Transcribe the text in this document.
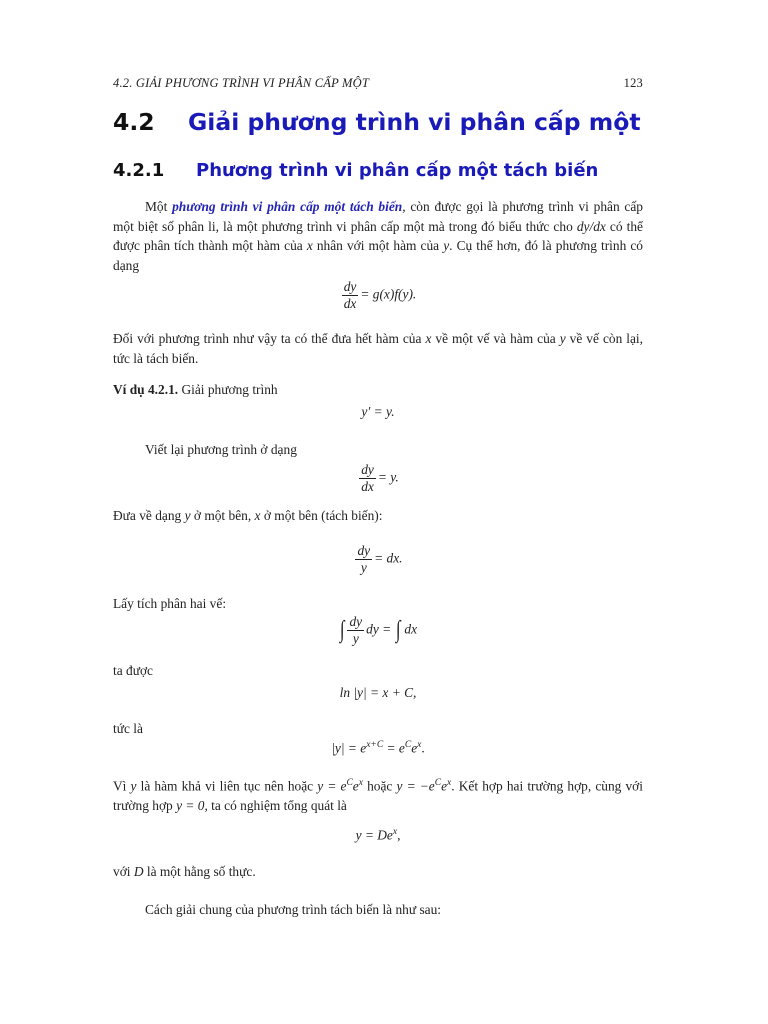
4.2. GIẢI PHƯƠNG TRÌNH VI PHÂN CẤP MỘT	123
4.2 Giải phương trình vi phân cấp một
4.2.1 Phương trình vi phân cấp một tách biến
Một phương trình vi phân cấp một tách biến, còn được gọi là phương trình vi phân cấp một biệt số phân li, là một phương trình vi phân cấp một mà trong đó biểu thức cho dy/dx có thể được phân tích thành một hàm của x nhân với một hàm của y. Cụ thể hơn, đó là phương trình có dạng
$\frac{dy}{dx} = g(x)f(y)$.
Đối với phương trình như vậy ta có thể đưa hết hàm của x về một vế và hàm của y về vế còn lại, tức là tách biến.
Ví dụ 4.2.1. Giải phương trình
y′ = y.
Viết lại phương trình ở dạng
$\frac{dy}{dx} = y$.
Đưa về dạng y ở một bên, x ở một bên (tách biến):
$\frac{dy}{y}$ = dx.
Lấy tích phân hai vế:
∫ $\frac{dy}{y}$ dy = ∫ dx
ta được
ln |y| = x + C,
tức là
$|y| = e^{x+C} = e^Ce^x$.
Vì y là hàm khả vi liên tục nên hoặc $y = e^Ce^x$ hoặc $y = -e^Ce^x$. Kết hợp hai trường hợp, cùng với trường hợp y = 0, ta có nghiệm tổng quát là
$y = De^x$,
với D là một hằng số thực.
Cách giải chung của phương trình tách biến là như sau:
